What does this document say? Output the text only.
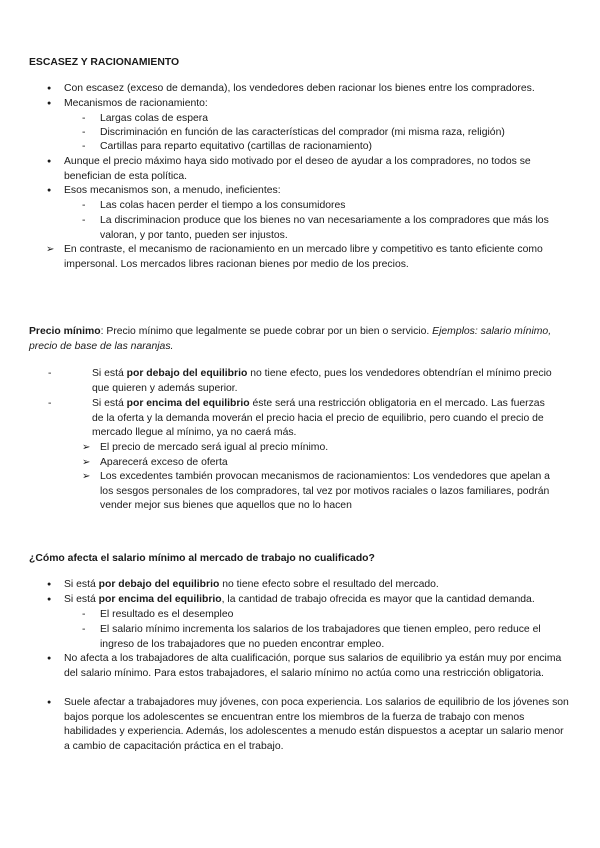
ESCASEZ Y RACIONAMIENTO
● Con escasez (exceso de demanda), los vendedores deben racionar los bienes entre los compradores.
● Mecanismos de racionamiento:
- Largas colas de espera
- Discriminación en función de las características del comprador (mi misma raza, religión)
- Cartillas para reparto equitativo (cartillas de racionamiento)
● Aunque el precio máximo haya sido motivado por el deseo de ayudar a los compradores, no todos se benefician de esta política.
● Esos mecanismos son, a menudo, ineficientes:
- Las colas hacen perder el tiempo a los consumidores
- La discriminacion produce que los bienes no van necesariamente a los compradores que más los valoran, y por tanto, pueden ser injustos.
➢ En contraste, el mecanismo de racionamiento en un mercado libre y competitivo es tanto eficiente como impersonal. Los mercados libres racionan bienes por medio de los precios.
Precio mínimo: Precio mínimo que legalmente se puede cobrar por un bien o servicio. Ejemplos: salario mínimo, precio de base de las naranjas.
- Si está por debajo del equilibrio no tiene efecto, pues los vendedores obtendrían el mínimo precio que quieren y además superior.
- Si está por encima del equilibrio éste será una restricción obligatoria en el mercado. Las fuerzas de la oferta y la demanda moverán el precio hacia el precio de equilibrio, pero cuando el precio de mercado llegue al mínimo, ya no caerá más.
➢ El precio de mercado será igual al precio mínimo.
➢ Aparecerá exceso de oferta
➢ Los excedentes también provocan mecanismos de racionamientos: Los vendedores que apelan a los sesgos personales de los compradores, tal vez por motivos raciales o lazos familiares, podrán vender mejor sus bienes que aquellos que no lo hacen
¿Cómo afecta el salario mínimo al mercado de trabajo no cualificado?
● Si está por debajo del equilibrio no tiene efecto sobre el resultado del mercado.
● Si está por encima del equilibrio, la cantidad de trabajo ofrecida es mayor que la cantidad demanda.
- El resultado es el desempleo
- El salario mínimo incrementa los salarios de los trabajadores que tienen empleo, pero reduce el ingreso de los trabajadores que no pueden encontrar empleo.
● No afecta a los trabajadores de alta cualificación, porque sus salarios de equilibrio ya están muy por encima del salario mínimo. Para estos trabajadores, el salario mínimo no actúa como una restricción obligatoria.
● Suele afectar a trabajadores muy jóvenes, con poca experiencia. Los salarios de equilibrio de los jóvenes son bajos porque los adolescentes se encuentran entre los miembros de la fuerza de trabajo con menos habilidades y experiencia. Además, los adolescentes a menudo están dispuestos a aceptar un salario menor a cambio de capacitación práctica en el trabajo.
